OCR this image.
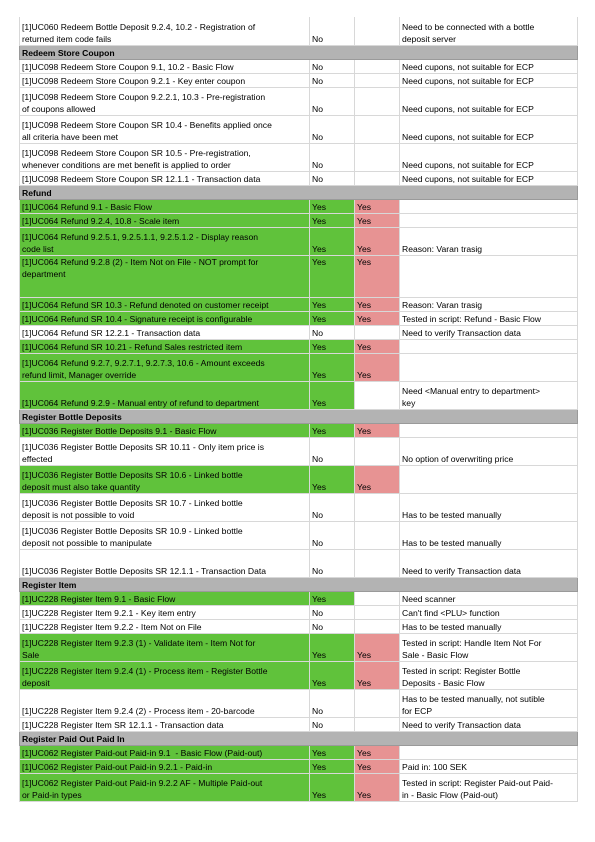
[1]UC060 Redeem Bottle Deposit 9.2.4, 10.2 - Registration of
returned item code fails	No		Need to be connected with a bottle
deposit server
Redeem Store Coupon			
[1]UC098 Redeem Store Coupon 9.1, 10.2 - Basic Flow	No		Need cupons, not suitable for ECP
[1]UC098 Redeem Store Coupon 9.2.1 - Key enter coupon	No		Need cupons, not suitable for ECP
[1]UC098 Redeem Store Coupon 9.2.2.1, 10.3 - Pre-registration
of coupons allowed	No		Need cupons, not suitable for ECP
[1]UC098 Redeem Store Coupon SR 10.4 - Benefits applied once
all criteria have been met	No		Need cupons, not suitable for ECP
[1]UC098 Redeem Store Coupon SR 10.5 - Pre-registration,
whenever conditions are met benefit is applied to order	No		Need cupons, not suitable for ECP
[1]UC098 Redeem Store Coupon SR 12.1.1 - Transaction data	No		Need cupons, not suitable for ECP
Refund			
[1]UC064 Refund 9.1 - Basic Flow	Yes	Yes	
[1]UC064 Refund 9.2.4, 10.8 - Scale item	Yes	Yes	
[1]UC064 Refund 9.2.5.1, 9.2.5.1.1, 9.2.5.1.2 - Display reason
code list	Yes	Yes	Reason: Varan trasig
[1]UC064 Refund 9.2.8 (2) - Item Not on File - NOT prompt for
department	Yes	Yes	
[1]UC064 Refund SR 10.3 - Refund denoted on customer receipt	Yes	Yes	Reason: Varan trasig
[1]UC064 Refund SR 10.4 - Signature receipt is configurable	Yes	Yes	Tested in script: Refund - Basic Flow
[1]UC064 Refund SR 12.2.1 - Transaction data	No		Need to verify Transaction data
[1]UC064 Refund SR 10.21 - Refund Sales restricted item	Yes	Yes	
[1]UC064 Refund 9.2.7, 9.2.7.1, 9.2.7.3, 10.6 - Amount exceeds
refund limit, Manager override	Yes	Yes	
[1]UC064 Refund 9.2.9 - Manual entry of refund to department	Yes		Need <Manual entry to department>
key
Register Bottle Deposits			
[1]UC036 Register Bottle Deposits 9.1 - Basic Flow	Yes	Yes	
[1]UC036 Register Bottle Deposits SR 10.11 - Only item price is
effected	No		No option of overwriting price
[1]UC036 Register Bottle Deposits SR 10.6 - Linked bottle
deposit must also take quantity	Yes	Yes	
[1]UC036 Register Bottle Deposits SR 10.7 - Linked bottle
deposit is not possible to void	No		Has to be tested manually
[1]UC036 Register Bottle Deposits SR 10.9 - Linked bottle
deposit not possible to manipulate	No		Has to be tested manually
[1]UC036 Register Bottle Deposits SR 12.1.1 - Transaction Data	No		Need to verify Transaction data
Register Item			
[1]UC228 Register Item 9.1 - Basic Flow	Yes		Need scanner
[1]UC228 Register Item 9.2.1 - Key item entry	No		Can't find <PLU> function
[1]UC228 Register Item 9.2.2 - Item Not on File	No		Has to be tested manually
[1]UC228 Register Item 9.2.3 (1) - Validate item - Item Not for
Sale	Yes	Yes	Tested in script: Handle Item Not For
Sale - Basic Flow
[1]UC228 Register Item 9.2.4 (1) - Process item - Register Bottle
deposit	Yes	Yes	Tested in script: Register Bottle
Deposits - Basic Flow
[1]UC228 Register Item 9.2.4 (2) - Process item - 20-barcode	No		Has to be tested manually, not sutible
for ECP
[1]UC228 Register Item SR 12.1.1 - Transaction data	No		Need to verify Transaction data
Register Paid Out Paid In			
[1]UC062 Register Paid-out Paid-in 9.1  - Basic Flow (Paid-out)	Yes	Yes	
[1]UC062 Register Paid-out Paid-in 9.2.1 - Paid-in	Yes	Yes	Paid in: 100 SEK
[1]UC062 Register Paid-out Paid-in 9.2.2 AF - Multiple Paid-out
or Paid-in types	Yes	Yes	Tested in script: Register Paid-out Paid-
in - Basic Flow (Paid-out)
